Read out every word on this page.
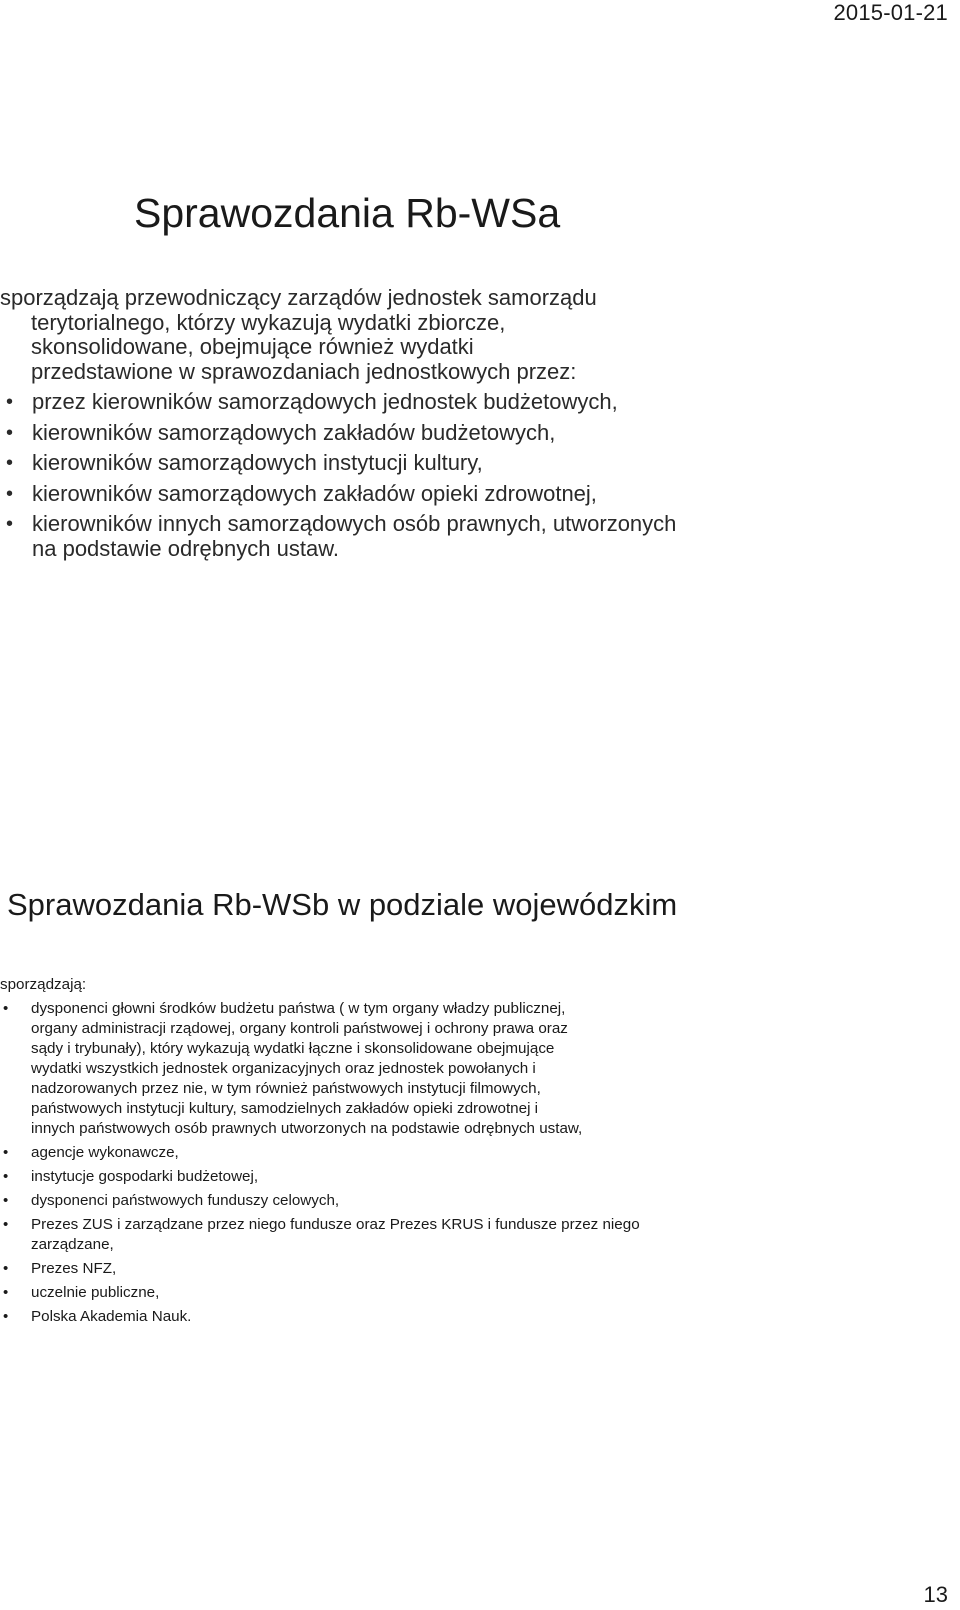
2015-01-21
Sprawozdania Rb-WSa

sporządzają przewodniczący zarządów jednostek samorządu
terytorialnego, którzy wykazują wydatki zbiorcze,
skonsolidowane, obejmujące również wydatki
przedstawione w sprawozdaniach jednostkowych przez:

• przez kierowników samorządowych jednostek budżetowych,
• kierowników samorządowych zakładów budżetowych,
• kierowników samorządowych instytucji kultury,
• kierowników samorządowych zakładów opieki zdrowotnej,
• kierowników innych samorządowych osób prawnych, utworzonych na podstawie odrębnych ustaw.
Sprawozdania Rb-WSb w podziale wojewódzkim

sporządzają:

• dysponenci głowni środków budżetu państwa ( w tym organy władzy publicznej,
organy administracji rządowej, organy kontroli państwowej i ochrony prawa oraz
sądy i trybunały), który wykazują wydatki łączne i skonsolidowane obejmujące
wydatki wszystkich jednostek organizacyjnych oraz jednostek powołanych i
nadzorowanych przez nie, w tym również państwowych instytucji filmowych,
państwowych instytucji kultury, samodzielnych zakładów opieki zdrowotnej i
innych państwowych osób prawnych utworzonych na podstawie odrębnych ustaw,
• agencje wykonawcze,
• instytucje gospodarki budżetowej,
• dysponenci państwowych funduszy celowych,
• Prezes ZUS i zarządzane przez niego fundusze oraz Prezes KRUS i fundusze przez niego zarządzane,
• Prezes NFZ,
• uczelnie publiczne,
• Polska Akademia Nauk.
13
